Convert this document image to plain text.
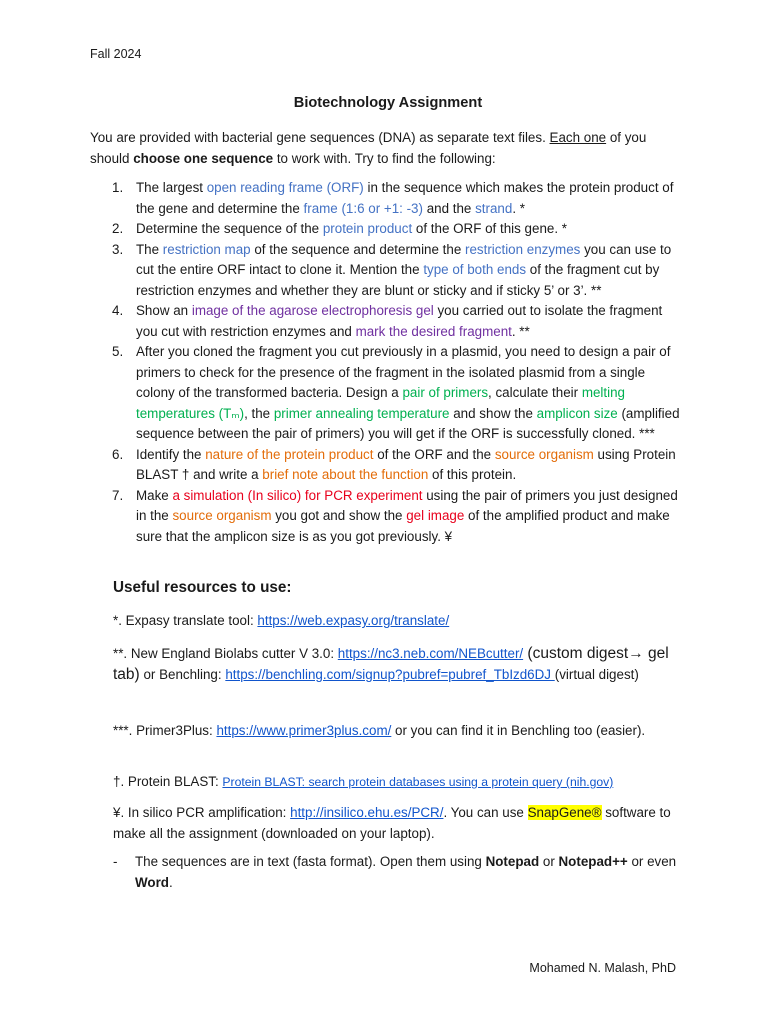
Fall 2024
Biotechnology Assignment
You are provided with bacterial gene sequences (DNA) as separate text files. Each one of you should choose one sequence to work with. Try to find the following:
1. The largest open reading frame (ORF) in the sequence which makes the protein product of the gene and determine the frame (1:6 or +1: -3) and the strand. *
2. Determine the sequence of the protein product of the ORF of this gene. *
3. The restriction map of the sequence and determine the restriction enzymes you can use to cut the entire ORF intact to clone it. Mention the type of both ends of the fragment cut by restriction enzymes and whether they are blunt or sticky and if sticky 5’ or 3’. **
4. Show an image of the agarose electrophoresis gel you carried out to isolate the fragment you cut with restriction enzymes and mark the desired fragment. **
5. After you cloned the fragment you cut previously in a plasmid, you need to design a pair of primers to check for the presence of the fragment in the isolated plasmid from a single colony of the transformed bacteria. Design a pair of primers, calculate their melting temperatures (Tₘ), the primer annealing temperature and show the amplicon size (amplified sequence between the pair of primers) you will get if the ORF is successfully cloned. ***
6. Identify the nature of the protein product of the ORF and the source organism using Protein BLAST † and write a brief note about the function of this protein.
7. Make a simulation (In silico) for PCR experiment using the pair of primers you just designed in the source organism you got and show the gel image of the amplified product and make sure that the amplicon size is as you got previously. ¥
Useful resources to use:
*. Expasy translate tool: https://web.expasy.org/translate/
**. New England Biolabs cutter V 3.0: https://nc3.neb.com/NEBcutter/ (custom digest→ gel tab) or Benchling: https://benchling.com/signup?pubref=pubref_TbIzd6DJ (virtual digest)
***. Primer3Plus: https://www.primer3plus.com/ or you can find it in Benchling too (easier).
†. Protein BLAST: Protein BLAST: search protein databases using a protein query (nih.gov)
¥. In silico PCR amplification: http://insilico.ehu.es/PCR/. You can use SnapGene® software to make all the assignment (downloaded on your laptop).
- The sequences are in text (fasta format). Open them using Notepad or Notepad++ or even Word.
Mohamed N. Malash, PhD
